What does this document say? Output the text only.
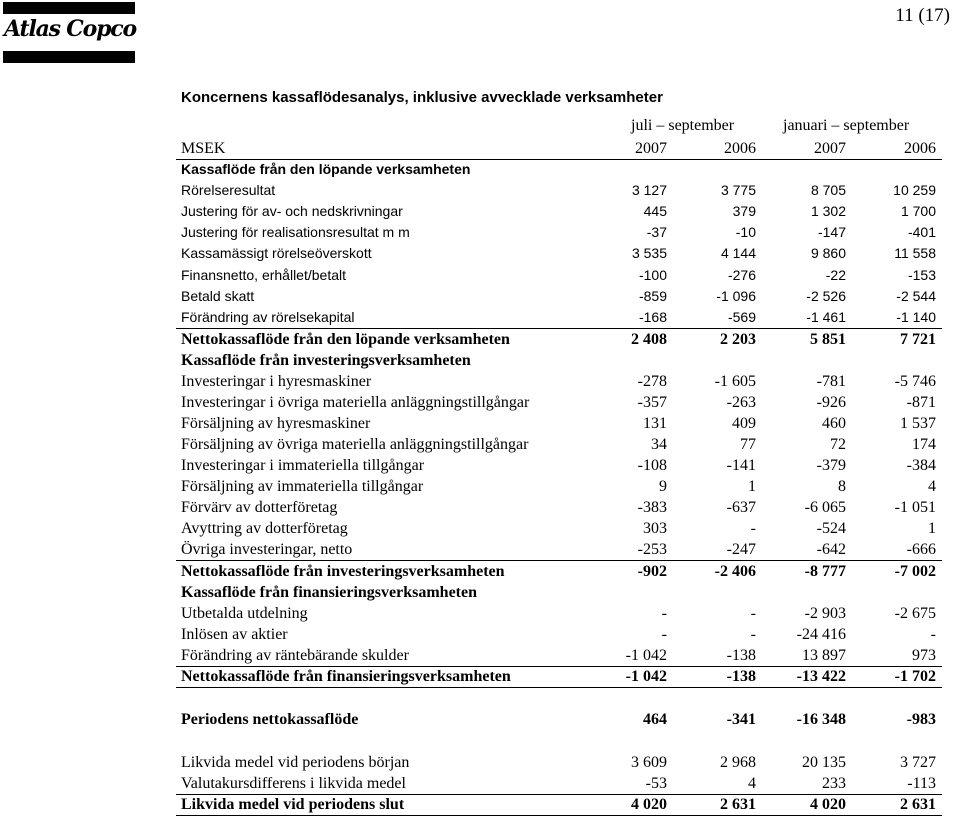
Atlas Copco
11 (17)
Koncernens kassaflödesanalys, inklusive avvecklade verksamheter
juli – september	januari – september
MSEK	2007	2006	2007	2006
Kassaflöde från den löpande verksamheten
Rörelseresultat	3 127	3 775	8 705	10 259
Justering för av- och nedskrivningar	445	379	1 302	1 700
Justering för realisationsresultat m m	-37	-10	-147	-401
Kassamässigt rörelseöverskott	3 535	4 144	9 860	11 558
Finansnetto, erhållet/betalt	-100	-276	-22	-153
Betald skatt	-859	-1 096	-2 526	-2 544
Förändring av rörelsekapital	-168	-569	-1 461	-1 140
Nettokassaflöde från den löpande verksamheten	2 408	2 203	5 851	7 721
Kassaflöde från investeringsverksamheten
Investeringar i hyresmaskiner	-278	-1 605	-781	-5 746
Investeringar i övriga materiella anläggningstillgångar	-357	-263	-926	-871
Försäljning av hyresmaskiner	131	409	460	1 537
Försäljning av övriga materiella anläggningstillgångar	34	77	72	174
Investeringar i immateriella tillgångar	-108	-141	-379	-384
Försäljning av immateriella tillgångar	9	1	8	4
Förvärv av dotterföretag	-383	-637	-6 065	-1 051
Avyttring av dotterföretag	303	-	-524	1
Övriga investeringar, netto	-253	-247	-642	-666
Nettokassaflöde från investeringsverksamheten	-902	-2 406	-8 777	-7 002
Kassaflöde från finansieringsverksamheten
Utbetalda utdelning	-	-	-2 903	-2 675
Inlösen av aktier	-	-	-24 416	-
Förändring av räntebärande skulder	-1 042	-138	13 897	973
Nettokassaflöde från finansieringsverksamheten	-1 042	-138	-13 422	-1 702
Periodens nettokassaflöde	464	-341	-16 348	-983
Likvida medel vid periodens början	3 609	2 968	20 135	3 727
Valutakursdifferens i likvida medel	-53	4	233	-113
Likvida medel vid periodens slut	4 020	2 631	4 020	2 631
